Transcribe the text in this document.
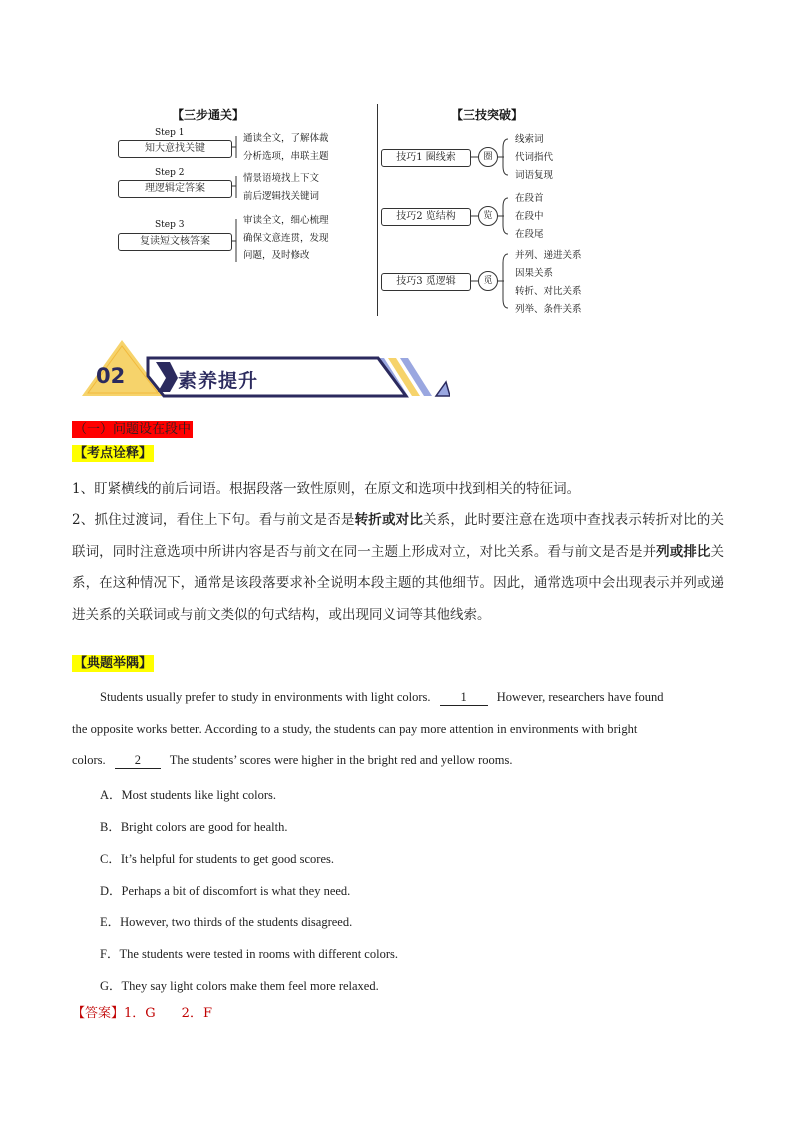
【三步通关】	【三技突破】
Step 1
知大意找关键
通读全文，了解体裁
分析选项，串联主题
Step 2
理逻辑定答案
情景语境找上下文
前后逻辑找关键词
Step 3
复读短文核答案
审读全文，细心梳理
确保文意连贯，发现
问题，及时修改
技巧1 圈线索	圈
线索词
代词指代
词语复现
技巧2 览结构	览
在段首
在段中
在段尾
技巧3 觅逻辑	觅
并列、递进关系
因果关系
转折、对比关系
列举、条件关系
02	素养提升
（一）问题设在段中
【考点诠释】
1、盯紧横线的前后词语。根据段落一致性原则，在原文和选项中找到相关的特征词。
2、抓住过渡词，看住上下句。看与前文是否是转折或对比关系，此时要注意在选项中查找表示转折对比的关联词，同时注意选项中所讲内容是否与前文在同一主题上形成对立，对比关系。看与前文是否是并列或排比关系，在这种情况下，通常是该段落要求补全说明本段主题的其他细节。因此，通常选项中会出现表示并列或递进关系的关联词或与前文类似的句式结构，或出现同义词等其他线索。
【典题举隅】
Students usually prefer to study in environments with light colors. 1 However, researchers have found
the opposite works better. According to a study, the students can pay more attention in environments with bright
colors. 2 The students’ scores were higher in the bright red and yellow rooms.
A．Most students like light colors.
B．Bright colors are good for health.
C．It’s helpful for students to get good scores.
D．Perhaps a bit of discomfort is what they need.
E．However, two thirds of the students disagreed.
F．The students were tested in rooms with different colors.
G．They say light colors make them feel more relaxed.
【答案】1．G　　2．F
